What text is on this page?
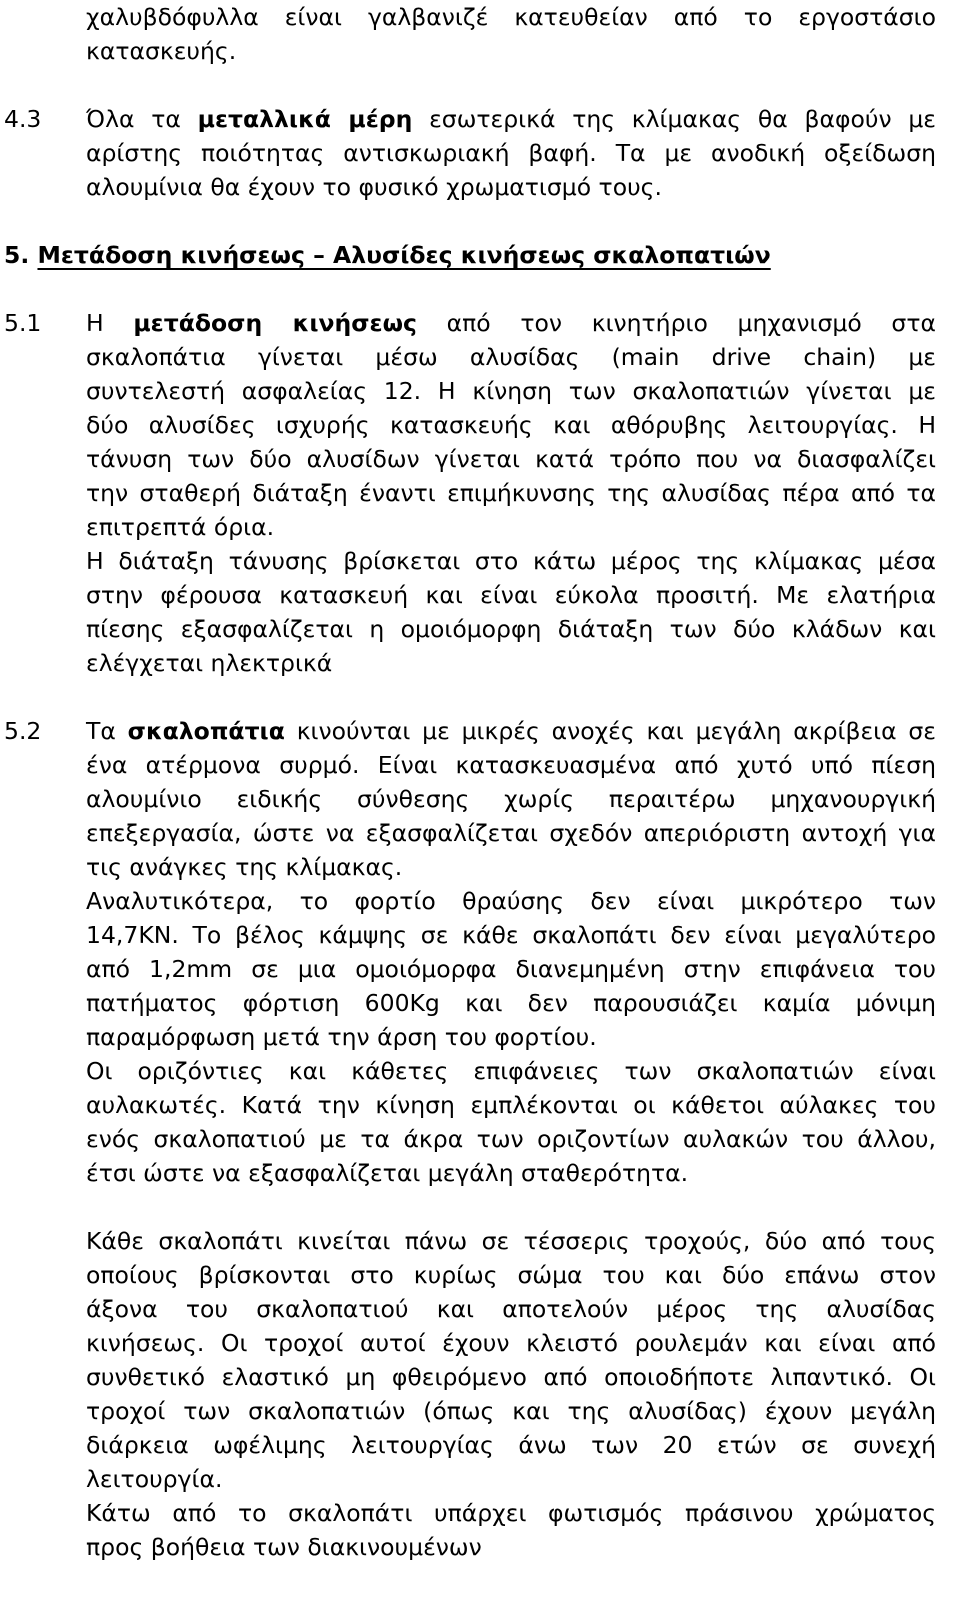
χαλυβδόφυλλα είναι γαλβανιζέ κατευθείαν από το εργοστάσιο
κατασκευής.
4.3 Όλα τα μεταλλικά μέρη εσωτερικά της κλίμακας θα βαφούν με
αρίστης ποιότητας αντισκωριακή βαφή. Τα με ανοδική οξείδωση
αλουμίνια θα έχουν το φυσικό χρωματισμό τους.
5. Μετάδοση κινήσεως – Αλυσίδες κινήσεως σκαλοπατιών
5.1 Η μετάδοση κινήσεως από τον κινητήριο μηχανισμό στα
σκαλοπάτια γίνεται μέσω αλυσίδας (main drive chain) με
συντελεστή ασφαλείας 12. Η κίνηση των σκαλοπατιών γίνεται με
δύο αλυσίδες ισχυρής κατασκευής και αθόρυβης λειτουργίας. Η
τάνυση των δύο αλυσίδων γίνεται κατά τρόπο που να διασφαλίζει
την σταθερή διάταξη έναντι επιμήκυνσης της αλυσίδας πέρα από τα
επιτρεπτά όρια.
Η διάταξη τάνυσης βρίσκεται στο κάτω μέρος της κλίμακας μέσα
στην φέρουσα κατασκευή και είναι εύκολα προσιτή. Με ελατήρια
πίεσης εξασφαλίζεται η ομοιόμορφη διάταξη των δύο κλάδων και
ελέγχεται ηλεκτρικά
5.2 Τα σκαλοπάτια κινούνται με μικρές ανοχές και μεγάλη ακρίβεια σε
ένα ατέρμονα συρμό. Είναι κατασκευασμένα από χυτό υπό πίεση
αλουμίνιο ειδικής σύνθεσης χωρίς περαιτέρω μηχανουργική
επεξεργασία, ώστε να εξασφαλίζεται σχεδόν απεριόριστη αντοχή για
τις ανάγκες της κλίμακας.
Αναλυτικότερα, το φορτίο θραύσης δεν είναι μικρότερο των
14,7ΚΝ. Το βέλος κάμψης σε κάθε σκαλοπάτι δεν είναι μεγαλύτερο
από 1,2mm σε μια ομοιόμορφα διανεμημένη στην επιφάνεια του
πατήματος φόρτιση 600Kg και δεν παρουσιάζει καμία μόνιμη
παραμόρφωση μετά την άρση του φορτίου.
Οι οριζόντιες και κάθετες επιφάνειες των σκαλοπατιών είναι
αυλακωτές. Κατά την κίνηση εμπλέκονται οι κάθετοι αύλακες του
ενός σκαλοπατιού με τα άκρα των οριζοντίων αυλακών του άλλου,
έτσι ώστε να εξασφαλίζεται μεγάλη σταθερότητα.
Κάθε σκαλοπάτι κινείται πάνω σε τέσσερις τροχούς, δύο από τους
οποίους βρίσκονται στο κυρίως σώμα του και δύο επάνω στον
άξονα του σκαλοπατιού και αποτελούν μέρος της αλυσίδας
κινήσεως. Οι τροχοί αυτοί έχουν κλειστό ρουλεμάν και είναι από
συνθετικό ελαστικό μη φθειρόμενο από οποιοδήποτε λιπαντικό. Οι
τροχοί των σκαλοπατιών (όπως και της αλυσίδας) έχουν μεγάλη
διάρκεια ωφέλιμης λειτουργίας άνω των 20 ετών σε συνεχή
λειτουργία.
Κάτω από το σκαλοπάτι υπάρχει φωτισμός πράσινου χρώματος
προς βοήθεια των διακινουμένων
